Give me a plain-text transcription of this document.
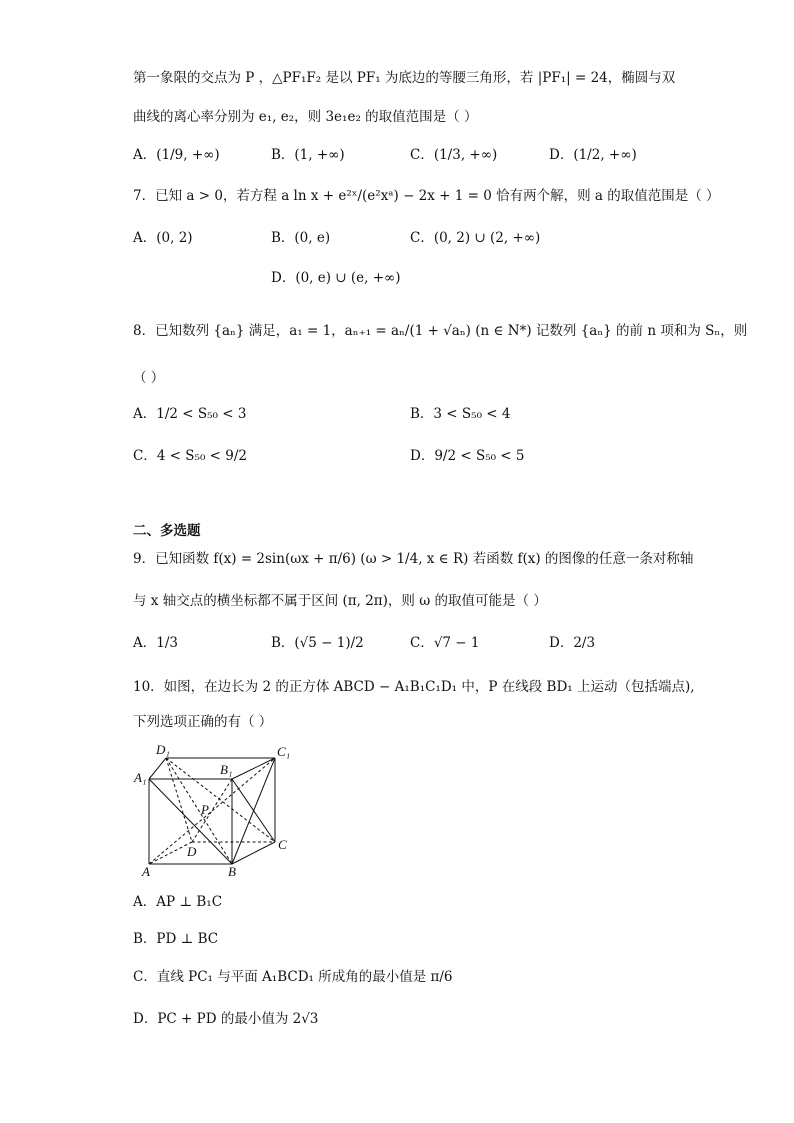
第一象限的交点为 P ，△PF₁F₂ 是以 PF₁ 为底边的等腰三角形，若 |PF₁| = 24，椭圆与双
曲线的离心率分别为 e₁, e₂，则 3e₁e₂ 的取值范围是（ ）
A．(1/9, +∞)	B．(1, +∞)	C．(1/3, +∞)	D．(1/2, +∞)
7．已知 a > 0，若方程 a ln x + e²ˣ/(e²xᵃ) − 2x + 1 = 0 恰有两个解，则 a 的取值范围是（ ）
A．(0, 2)	B．(0, e)	C．(0, 2) ∪ (2, +∞)
D．(0, e) ∪ (e, +∞)
8．已知数列 {aₙ} 满足，a₁ = 1，aₙ₊₁ = aₙ/(1 + √aₙ) (n ∈ N*) 记数列 {aₙ} 的前 n 项和为 Sₙ，则
（ ）
A．1/2 < S₅₀ < 3	B．3 < S₅₀ < 4
C．4 < S₅₀ < 9/2	D．9/2 < S₅₀ < 5
二、多选题
9．已知函数 f(x) = 2sin(ωx + π/6) (ω > 1/4, x ∈ R) 若函数 f(x) 的图像的任意一条对称轴
与 x 轴交点的横坐标都不属于区间 (π, 2π)，则 ω 的取值可能是（ ）
A．1/3	B．(√5 − 1)/2	C．√7 − 1	D．2/3
10．如图，在边长为 2 的正方体 ABCD − A₁B₁C₁D₁ 中，P 在线段 BD₁ 上运动（包括端点),
下列选项正确的有（ ）
D₁	C₁
A₁
B₁
P
D	C
A	B
A．AP ⊥ B₁C
B．PD ⊥ BC
C．直线 PC₁ 与平面 A₁BCD₁ 所成角的最小值是 π/6
D．PC + PD 的最小值为 2√3
